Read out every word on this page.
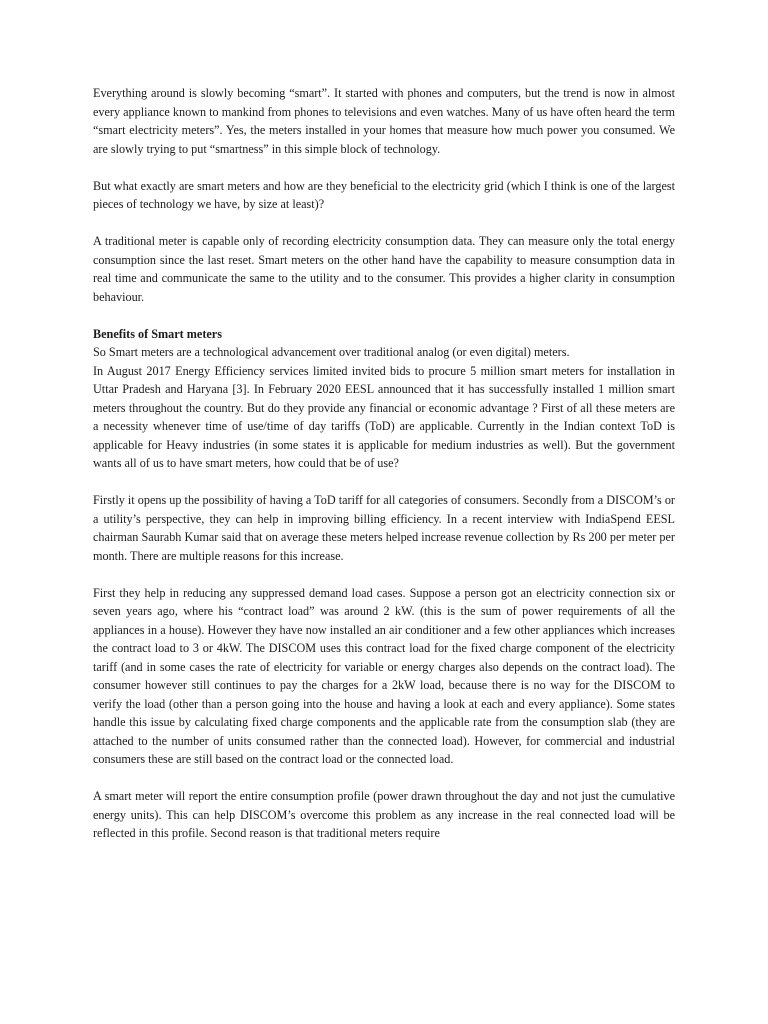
Everything around is slowly becoming “smart”. It started with phones and computers, but the trend is now in almost every appliance known to mankind from phones to televisions and even watches. Many of us have often heard the term “smart electricity meters”. Yes, the meters installed in your homes that measure how much power you consumed. We are slowly trying to put “smartness” in this simple block of technology.

But what exactly are smart meters and how are they beneficial to the electricity grid (which I think is one of the largest pieces of technology we have, by size at least)?

A traditional meter is capable only of recording electricity consumption data. They can measure only the total energy consumption since the last reset. Smart meters on the other hand have the capability to measure consumption data in real time and communicate the same to the utility and to the consumer. This provides a higher clarity in consumption behaviour.

Benefits of Smart meters

So Smart meters are a technological advancement over traditional analog (or even digital) meters.

In August 2017 Energy Efficiency services limited invited bids to procure 5 million smart meters for installation in Uttar Pradesh and Haryana [3]. In February 2020 EESL announced that it has successfully installed 1 million smart meters throughout the country. But do they provide any financial or economic advantage ? First of all these meters are a necessity whenever time of use/time of day tariffs (ToD) are applicable. Currently in the Indian context ToD is applicable for Heavy industries (in some states it is applicable for medium industries as well). But the government wants all of us to have smart meters, how could that be of use?

Firstly it opens up the possibility of having a ToD tariff for all categories of consumers. Secondly from a DISCOM’s or a utility’s perspective, they can help in improving billing efficiency. In a recent interview with IndiaSpend EESL chairman Saurabh Kumar said that on average these meters helped increase revenue collection by Rs 200 per meter per month. There are multiple reasons for this increase.

First they help in reducing any suppressed demand load cases. Suppose a person got an electricity connection six or seven years ago, where his “contract load” was around 2 kW. (this is the sum of power requirements of all the appliances in a house). However they have now installed an air conditioner and a few other appliances which increases the contract load to 3 or 4kW. The DISCOM uses this contract load for the fixed charge component of the electricity tariff (and in some cases the rate of electricity for variable or energy charges also depends on the contract load). The consumer however still continues to pay the charges for a 2kW load, because there is no way for the DISCOM to verify the load (other than a person going into the house and having a look at each and every appliance). Some states handle this issue by calculating fixed charge components and the applicable rate from the consumption slab (they are attached to the number of units consumed rather than the connected load). However, for commercial and industrial consumers these are still based on the contract load or the connected load.

A smart meter will report the entire consumption profile (power drawn throughout the day and not just the cumulative energy units). This can help DISCOM’s overcome this problem as any increase in the real connected load will be reflected in this profile. Second reason is that traditional meters require
